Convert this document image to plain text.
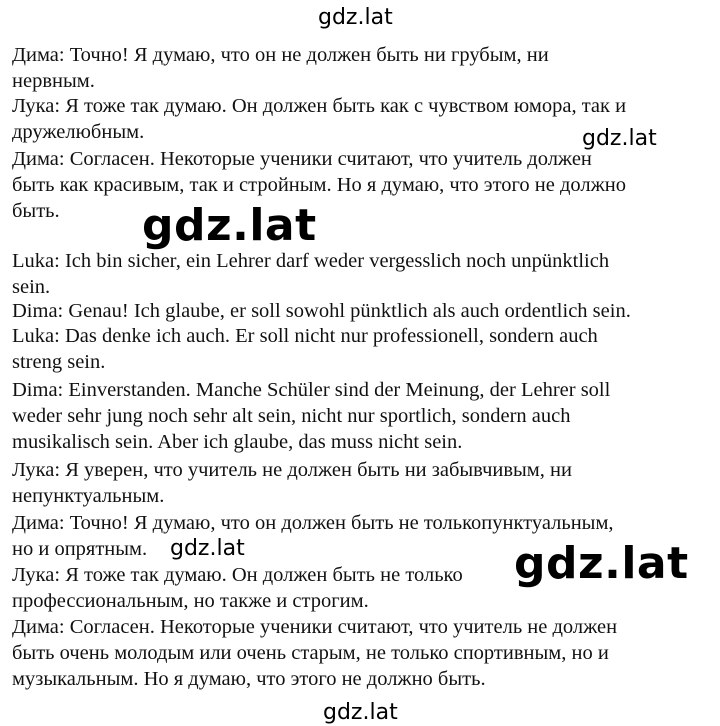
Дима: Точно! Я думаю, что он не должен быть ни грубым, ни

нервным.

Лука: Я тоже так думаю. Он должен быть как с чувством юмора, так и

дружелюбным.

Дима: Согласен. Некоторые ученики считают, что учитель должен

быть как красивым, так и стройным. Но я думаю, что этого не должно

быть.

Luka: Ich bin sicher, ein Lehrer darf weder vergesslich noch unpünktlich

sein.

Dima: Genau! Ich glaube, er soll sowohl pünktlich als auch ordentlich sein.

Luka: Das denke ich auch. Er soll nicht nur professionell, sondern auch

streng sein.

Dima: Einverstanden. Manche Schüler sind der Meinung, der Lehrer soll

weder sehr jung noch sehr alt sein, nicht nur sportlich, sondern auch

musikalisch sein. Aber ich glaube, das muss nicht sein.

Лука: Я уверен, что учитель не должен быть ни забывчивым, ни

непунктуальным.

Дима: Точно! Я думаю, что он должен быть не толькопунктуальным,

но и опрятным.

Лука: Я тоже так думаю. Он должен быть не только

профессиональным, но также и строгим.

Дима: Согласен. Некоторые ученики считают, что учитель не должен

быть очень молодым или очень старым, не только спортивным, но и

музыкальным. Но я думаю, что этого не должно быть.

gdz.lat
gdz.lat
gdz.lat
gdz.lat	gdz.lat
gdz.lat
